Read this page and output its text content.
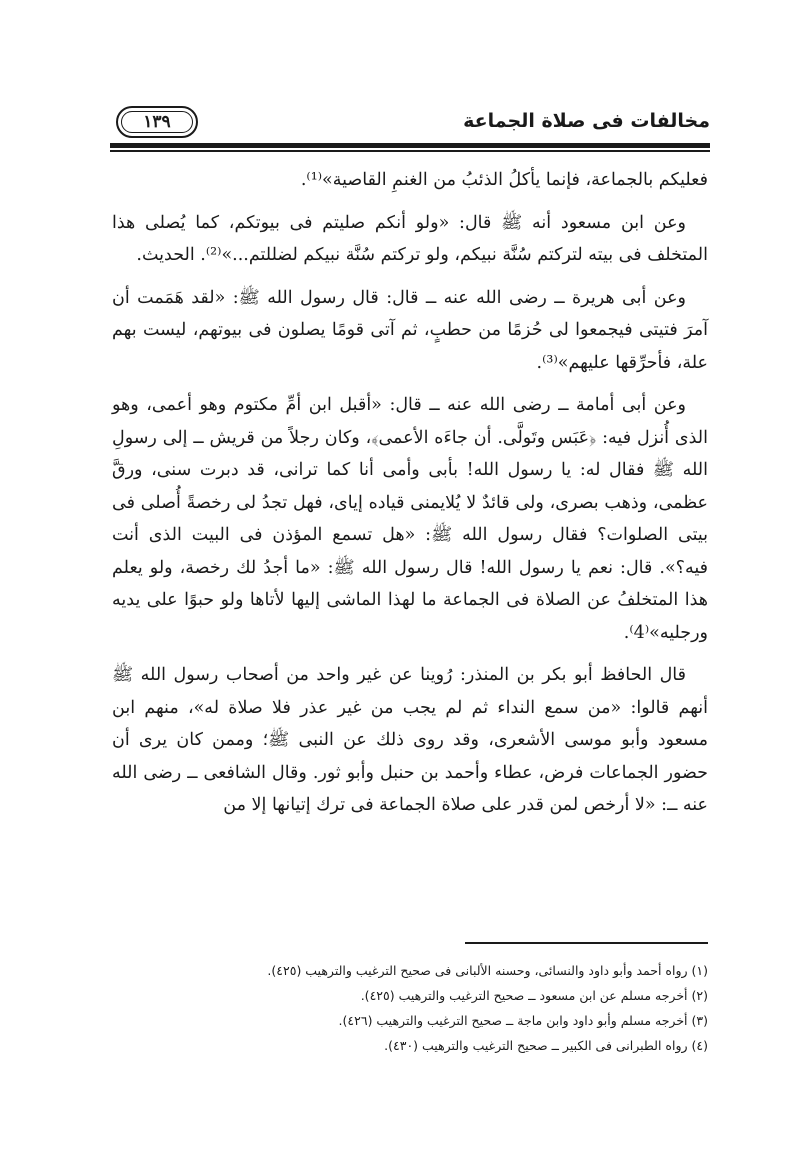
مخالفات فى صلاة الجماعة
١٣٩

فعليكم بالجماعة، فإنما يأكلُ الذئبُ من الغنمِ القاصية»⁽¹⁾.

وعن ابن مسعود أنه ﷺ قال: «ولو أنكم صليتم فى بيوتكم، كما يُصلى هذا المتخلف فى بيته لتركتم سُنَّة نبيكم، ولو تركتم سُنَّة نبيكم لضللتم...»⁽²⁾. الحديث.

وعن أبى هريرة ــ رضى الله عنه ــ قال: قال رسول الله ﷺ: «لقد هَمَمت أن آمرَ فتيتى فيجمعوا لى حُزمًا من حطبٍ، ثم آتى قومًا يصلون فى بيوتهم، ليست بهم علة، فأحرِّقها عليهم»⁽³⁾.

وعن أبى أمامة ــ رضى الله عنه ــ قال: «أقبل ابن أمِّ مكتوم وهو أعمى، وهو الذى أُنزل فيه: ﴿عَبَس وتَولَّى. أن جاءَه الأعمى﴾، وكان رجلاً من قريش ــ إلى رسولِ الله ﷺ فقال له: يا رسول الله! بأبى وأمى أنا كما ترانى، قد دبرت سنى، ورقَّ عظمى، وذهب بصرى، ولى قائدٌ لا يُلايمنى قياده إياى، فهل تجدُ لى رخصةً أُصلى فى بيتى الصلوات؟ فقال رسول الله ﷺ: «هل تسمع المؤذن فى البيت الذى أنت فيه؟». قال: نعم يا رسول الله! قال رسول الله ﷺ: «ما أجدُ لك رخصة، ولو يعلم هذا المتخلفُ عن الصلاة فى الجماعة ما لهذا الماشى إليها لأتاها ولو حبوًا على يديه ورجليه»⁽4⁾.

قال الحافظ أبو بكر بن المنذر: رُوينا عن غير واحد من أصحاب رسول الله ﷺ أنهم قالوا: «من سمع النداء ثم لم يجب من غير عذر فلا صلاة له»، منهم ابن مسعود وأبو موسى الأشعرى، وقد روى ذلك عن النبى ﷺ؛ وممن كان يرى أن حضور الجماعات فرض، عطاء وأحمد بن حنبل وأبو ثور. وقال الشافعى ــ رضى الله عنه ــ: «لا أرخص لمن قدر على صلاة الجماعة فى ترك إتيانها إلا من

(١) رواه أحمد وأبو داود والنسائى، وحسنه الألبانى فى صحيح الترغيب والترهيب (٤٢٥).

(٢) أخرجه مسلم عن ابن مسعود ــ صحيح الترغيب والترهيب (٤٢٥).

(٣) أخرجه مسلم وأبو داود وابن ماجة ــ صحيح الترغيب والترهيب (٤٢٦).

(٤) رواه الطبرانى فى الكبير ــ صحيح الترغيب والترهيب (٤٣٠).
